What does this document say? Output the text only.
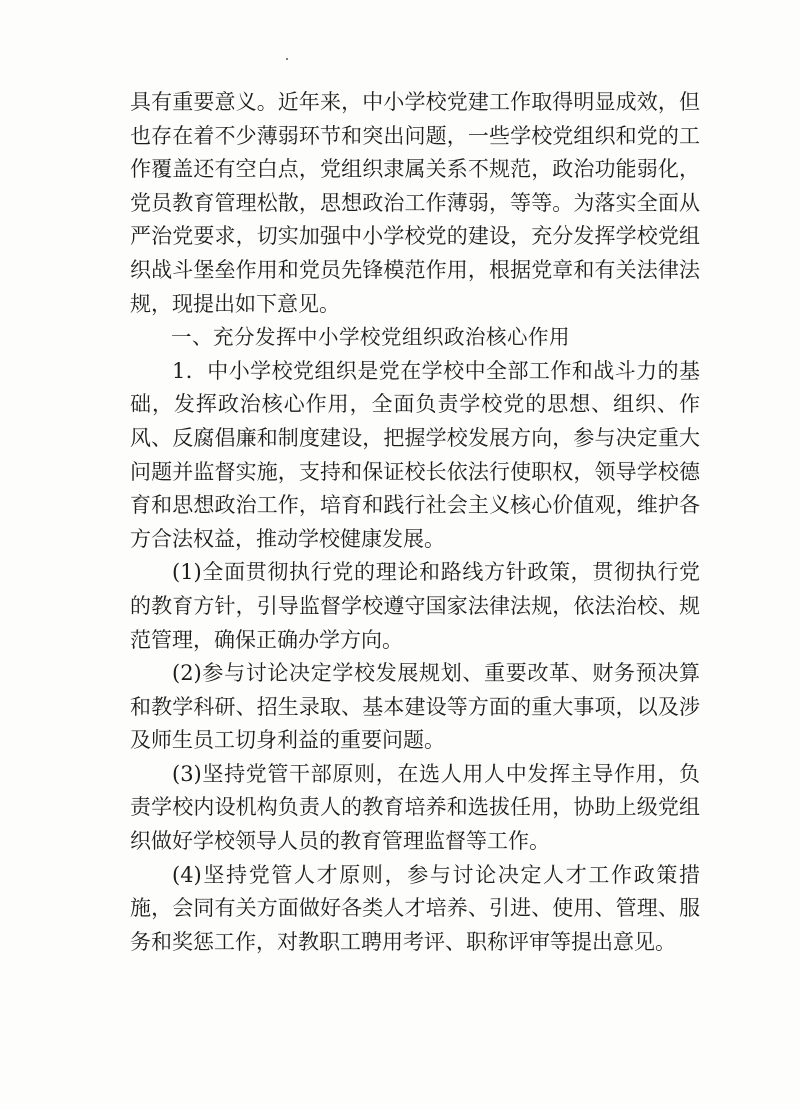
具有重要意义。近年来，中小学校党建工作取得明显成效，但也存在着不少薄弱环节和突出问题，一些学校党组织和党的工作覆盖还有空白点，党组织隶属关系不规范，政治功能弱化，党员教育管理松散，思想政治工作薄弱，等等。为落实全面从严治党要求，切实加强中小学校党的建设，充分发挥学校党组织战斗堡垒作用和党员先锋模范作用，根据党章和有关法律法规，现提出如下意见。

一、充分发挥中小学校党组织政治核心作用

1．中小学校党组织是党在学校中全部工作和战斗力的基础，发挥政治核心作用，全面负责学校党的思想、组织、作风、反腐倡廉和制度建设，把握学校发展方向，参与决定重大问题并监督实施，支持和保证校长依法行使职权，领导学校德育和思想政治工作，培育和践行社会主义核心价值观，维护各方合法权益，推动学校健康发展。

(1)全面贯彻执行党的理论和路线方针政策，贯彻执行党的教育方针，引导监督学校遵守国家法律法规，依法治校、规范管理，确保正确办学方向。

(2)参与讨论决定学校发展规划、重要改革、财务预决算和教学科研、招生录取、基本建设等方面的重大事项，以及涉及师生员工切身利益的重要问题。

(3)坚持党管干部原则，在选人用人中发挥主导作用，负责学校内设机构负责人的教育培养和选拔任用，协助上级党组织做好学校领导人员的教育管理监督等工作。

(4)坚持党管人才原则，参与讨论决定人才工作政策措施，会同有关方面做好各类人才培养、引进、使用、管理、服务和奖惩工作，对教职工聘用考评、职称评审等提出意见。
